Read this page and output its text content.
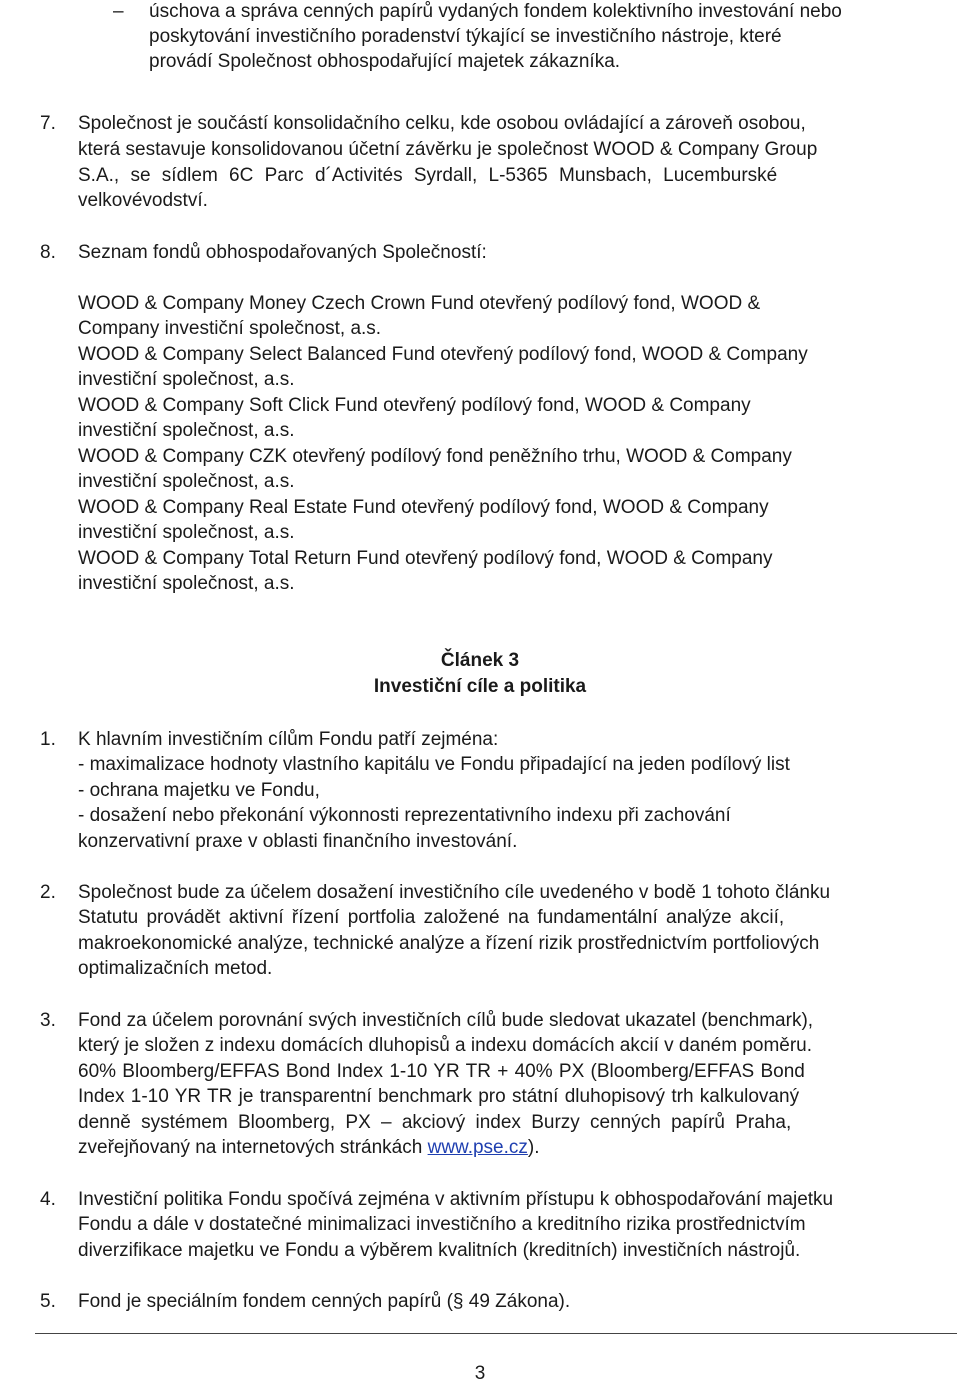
– úschova a správa cenných papírů vydaných fondem kolektivního investování nebo
poskytování investičního poradenství týkající se investičního nástroje, které
provádí Společnost obhospodařující majetek zákazníka.
7. Společnost je součástí konsolidačního celku, kde osobou ovládající a zároveň osobou,
která sestavuje konsolidovanou účetní závěrku je společnost WOOD & Company Group
S.A., se sídlem 6C Parc d´Activités Syrdall, L-5365 Munsbach, Lucemburské
velkovévodství.
8. Seznam fondů obhospodařovaných Společností:
WOOD & Company Money Czech Crown Fund otevřený podílový fond, WOOD &
Company investiční společnost, a.s.
WOOD & Company Select Balanced Fund otevřený podílový fond, WOOD & Company
investiční společnost, a.s.
WOOD & Company Soft Click Fund otevřený podílový fond, WOOD & Company
investiční společnost, a.s.
WOOD & Company CZK otevřený podílový fond peněžního trhu, WOOD & Company
investiční společnost, a.s.
WOOD & Company Real Estate Fund otevřený podílový fond, WOOD & Company
investiční společnost, a.s.
WOOD & Company Total Return Fund otevřený podílový fond, WOOD & Company
investiční společnost, a.s.
Článek 3
Investiční cíle a politika
1. K hlavním investičním cílům Fondu patří zejména:
- maximalizace hodnoty vlastního kapitálu ve Fondu připadající na jeden podílový list
- ochrana majetku ve Fondu,
- dosažení nebo překonání výkonnosti reprezentativního indexu při zachování
konzervativní praxe v oblasti finančního investování.
2. Společnost bude za účelem dosažení investičního cíle uvedeného v bodě 1 tohoto článku
Statutu provádět aktivní řízení portfolia založené na fundamentální analýze akcií,
makroekonomické analýze, technické analýze a řízení rizik prostřednictvím portfoliových
optimalizačních metod.
3. Fond za účelem porovnání svých investičních cílů bude sledovat ukazatel (benchmark),
který je složen z indexu domácích dluhopisů a indexu domácích akcií v daném poměru.
60% Bloomberg/EFFAS Bond Index 1-10 YR TR + 40% PX (Bloomberg/EFFAS Bond
Index 1-10 YR TR je transparentní benchmark pro státní dluhopisový trh kalkulovaný
denně systémem Bloomberg, PX – akciový index Burzy cenných papírů Praha,
zveřejňovaný na internetových stránkách www.pse.cz).
4. Investiční politika Fondu spočívá zejména v aktivním přístupu k obhospodařování majetku
Fondu a dále v dostatečné minimalizaci investičního a kreditního rizika prostřednictvím
diverzifikace majetku ve Fondu a výběrem kvalitních (kreditních) investičních nástrojů.
5. Fond je speciálním fondem cenných papírů (§ 49 Zákona).
3
